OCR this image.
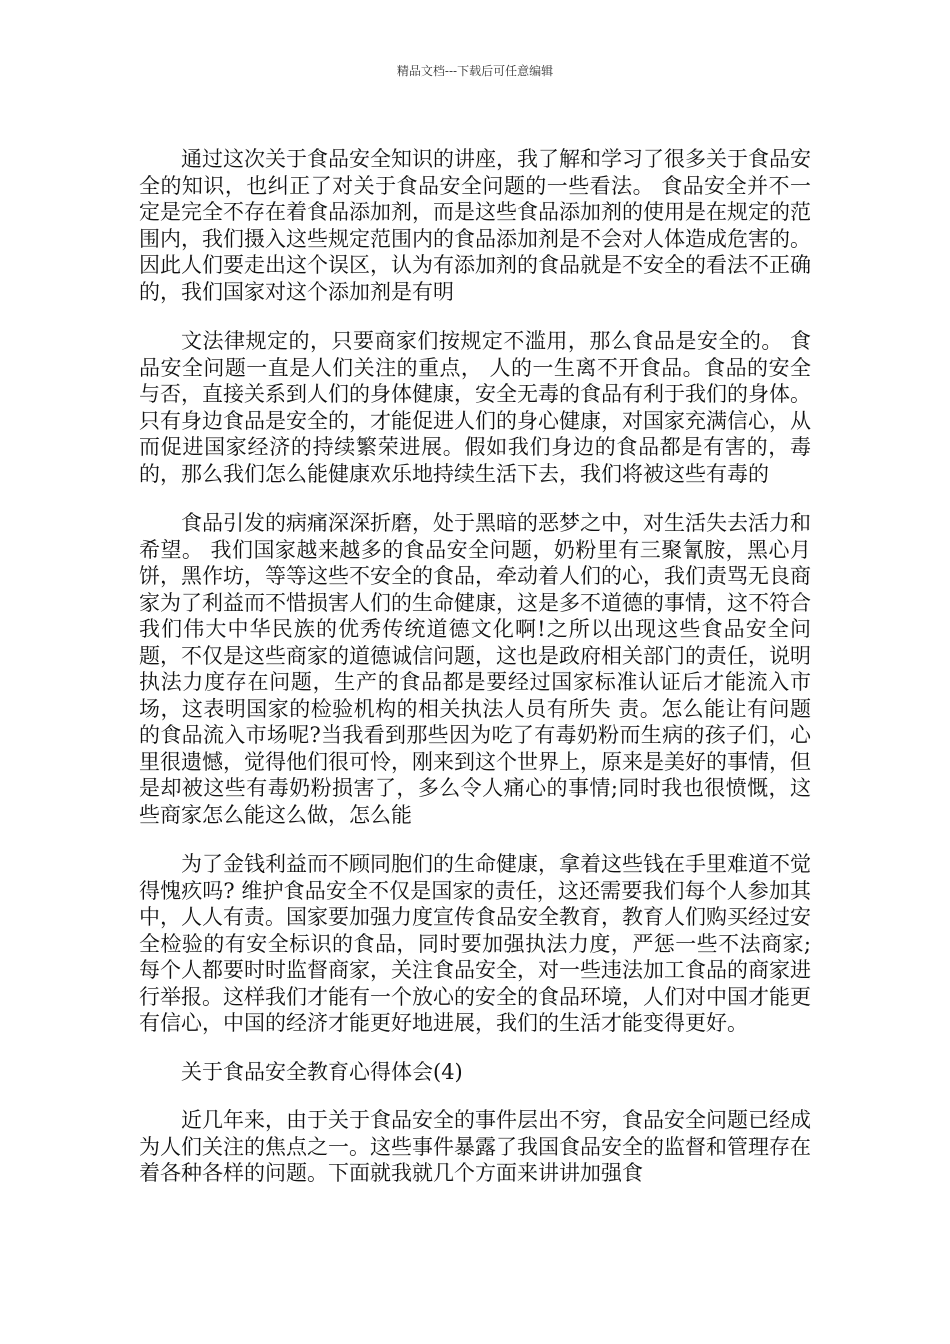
精品文档---下载后可任意编辑

通过这次关于食品安全知识的讲座，我了解和学习了很多关于食品安全的知识，也纠正了对关于食品安全问题的一些看法。 食品安全并不一定是完全不存在着食品添加剂，而是这些食品添加剂的使用是在规定的范围内，我们摄入这些规定范围内的食品添加剂是不会对人体造成危害的。因此人们要走出这个误区，认为有添加剂的食品就是不安全的看法不正确的，我们国家对这个添加剂是有明

文法律规定的，只要商家们按规定不滥用，那么食品是安全的。 食品安全问题一直是人们关注的重点， 人的一生离不开食品。食品的安全与否，直接关系到人们的身体健康，安全无毒的食品有利于我们的身体。只有身边食品是安全的，才能促进人们的身心健康，对国家充满信心，从而促进国家经济的持续繁荣进展。假如我们身边的食品都是有害的，毒的，那么我们怎么能健康欢乐地持续生活下去，我们将被这些有毒的

食品引发的病痛深深折磨，处于黑暗的恶梦之中，对生活失去活力和希望。 我们国家越来越多的食品安全问题，奶粉里有三聚氰胺，黑心月饼，黑作坊，等等这些不安全的食品，牵动着人们的心，我们责骂无良商家为了利益而不惜损害人们的生命健康，这是多不道德的事情，这不符合我们伟大中华民族的优秀传统道德文化啊!之所以出现这些食品安全问题，不仅是这些商家的道德诚信问题，这也是政府相关部门的责任，说明执法力度存在问题，生产的食品都是要经过国家标准认证后才能流入市场，这表明国家的检验机构的相关执法人员有所失 责。怎么能让有问题的食品流入市场呢?当我看到那些因为吃了有毒奶粉而生病的孩子们，心里很遗憾，觉得他们很可怜，刚来到这个世界上，原来是美好的事情，但是却被这些有毒奶粉损害了，多么令人痛心的事情;同时我也很愤慨，这些商家怎么能这么做，怎么能

为了金钱利益而不顾同胞们的生命健康，拿着这些钱在手里难道不觉得愧疚吗? 维护食品安全不仅是国家的责任，这还需要我们每个人参加其中，人人有责。国家要加强力度宣传食品安全教育，教育人们购买经过安全检验的有安全标识的食品，同时要加强执法力度，严惩一些不法商家;每个人都要时时监督商家，关注食品安全，对一些违法加工食品的商家进行举报。这样我们才能有一个放心的安全的食品环境，人们对中国才能更有信心，中国的经济才能更好地进展，我们的生活才能变得更好。

关于食品安全教育心得体会(4)

近几年来，由于关于食品安全的事件层出不穷，食品安全问题已经成为人们关注的焦点之一。这些事件暴露了我国食品安全的监督和管理存在着各种各样的问题。下面就我就几个方面来讲讲加强食
